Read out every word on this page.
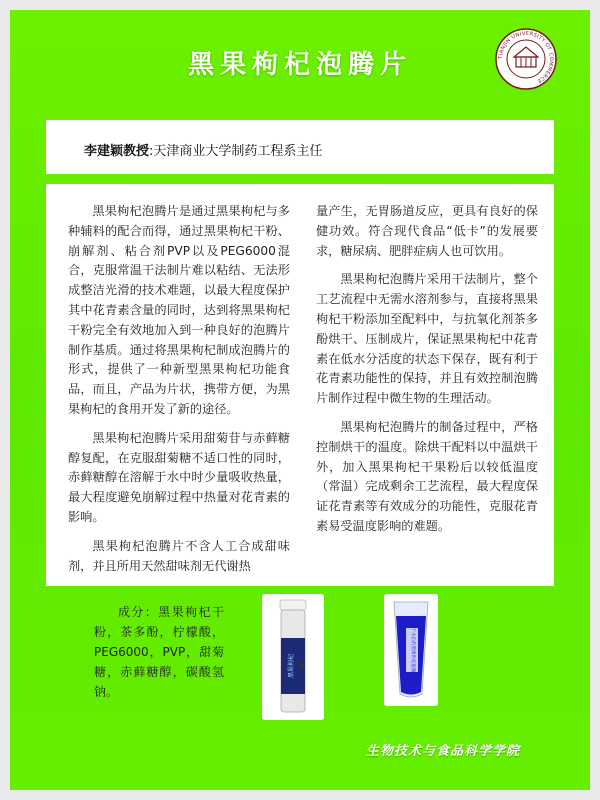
黑果枸杞泡腾片	TIANJIN UNIVERSITY OF COMMERCE
李建颖教授:天津商业大学制药工程系主任

黑果枸杞泡腾片是通过黑果枸杞与多种辅料的配合而得，通过黑果枸杞干粉、崩解剂、粘合剂PVP以及PEG6000混合，克服常温干法制片难以粘结、无法形成整洁光滑的技术难题，以最大程度保护其中花青素含量的同时，达到将黑果枸杞干粉完全有效地加入到一种良好的泡腾片制作基质。通过将黑果枸杞制成泡腾片的形式，提供了一种新型黑果枸杞功能食品，而且，产品为片状，携带方便，为黑果枸杞的食用开发了新的途径。

黑果枸杞泡腾片采用甜菊苷与赤藓糖醇复配，在克服甜菊糖不适口性的同时，赤藓糖醇在溶解于水中时少量吸收热量，最大程度避免崩解过程中热量对花青素的影响。

黑果枸杞泡腾片不含人工合成甜味剂，并且所用天然甜味剂无代谢热

量产生，无胃肠道反应，更具有良好的保健功效。符合现代食品“低卡”的发展要求，糖尿病、肥胖症病人也可饮用。

黑果枸杞泡腾片采用干法制片，整个工艺流程中无需水溶剂参与，直接将黑果枸杞干粉添加至配料中，与抗氧化剂茶多酚烘干、压制成片，保证黑果枸杞中花青素在低水分活度的状态下保存，既有利于花青素功能性的保持，并且有效控制泡腾片制作过程中微生物的生理活动。

黑果枸杞泡腾片的制备过程中，严格控制烘干的温度。除烘干配料以中温烘干外，加入黑果枸杞干果粉后以较低温度（常温）完成剩余工艺流程，最大程度保证花青素等有效成分的功能性，克服花青素易受温度影响的难题。

成分：黑果枸杞干粉，茶多酚，柠檬酸，PEG6000，PVP，甜菊糖，赤藓糖醇，碳酸氢钠。

黑果枸杞	溶于水后的黑果枸杞泡腾片
生物技术与食品科学学院
